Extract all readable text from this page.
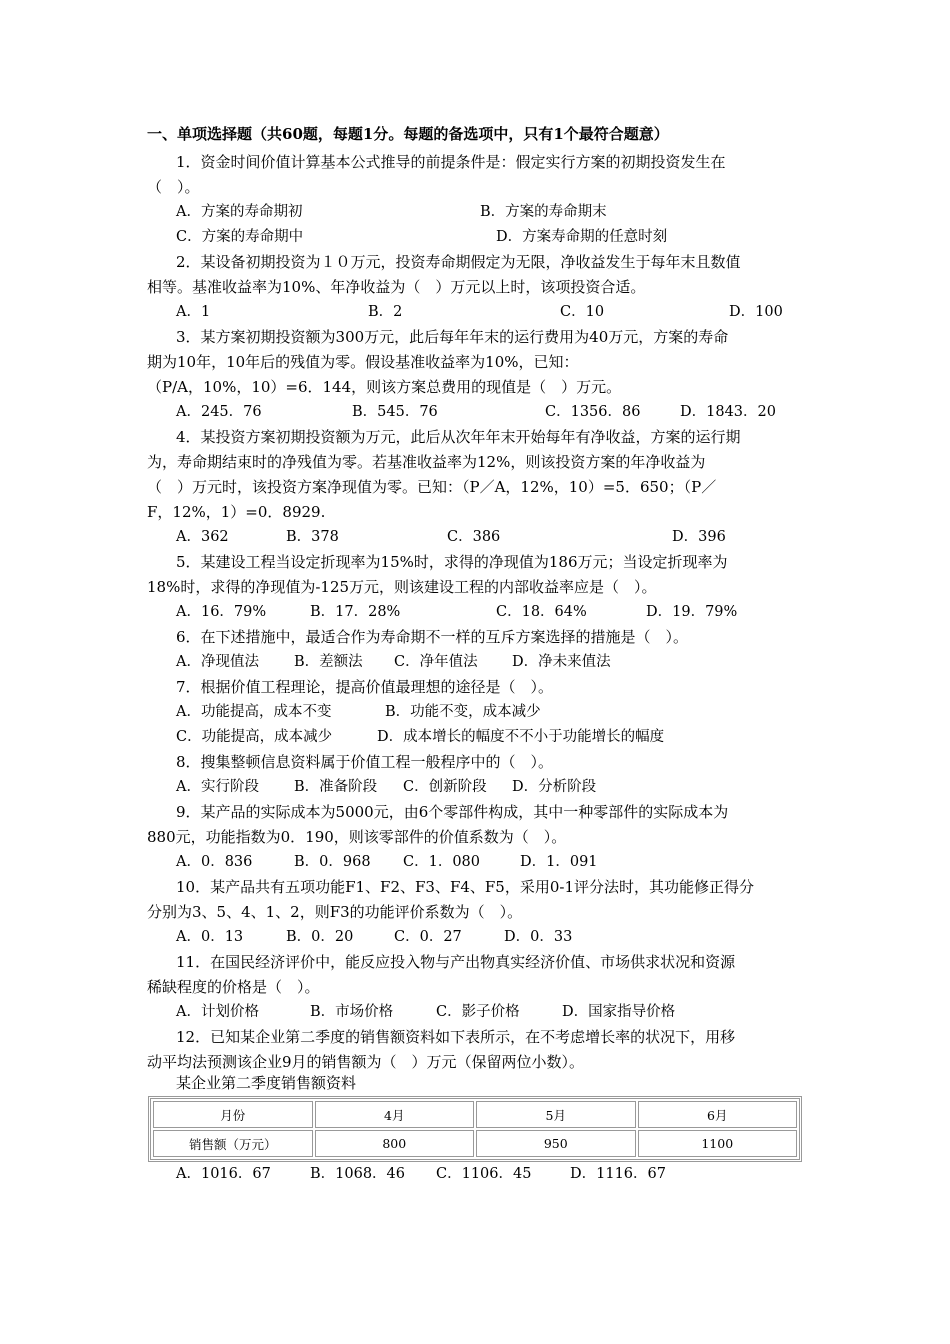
一、单项选择题（共60题，每题1分。每题的备选项中，只有1个最符合题意）
1．资金时间价值计算基本公式推导的前提条件是：假定实行方案的初期投资发生在
（　）。
A．方案的寿命期初	B．方案的寿命期末
C．方案的寿命期中	D．方案寿命期的任意时刻
2．某设备初期投资为１０万元，投资寿命期假定为无限，净收益发生于每年末且数值
相等。基准收益率为10%、年净收益为（　）万元以上时，该项投资合适。
A．1	B．2	C．10	D．100
3．某方案初期投资额为300万元，此后每年年末的运行费用为40万元，方案的寿命
期为10年，10年后的残值为零。假设基准收益率为10%，已知：
（P/A，10%，10）=6．144，则该方案总费用的现值是（　）万元。
A．245．76	B．545．76	C．1356．86	D．1843．20
4．某投资方案初期投资额为万元，此后从次年年末开始每年有净收益，方案的运行期
为，寿命期结束时的净残值为零。若基准收益率为12%，则该投资方案的年净收益为
（　）万元时，该投资方案净现值为零。已知：（P／A，12%，10）=5．650；（P／
F，12%，1）=0．8929.
A．362	B．378	C．386	D．396
5．某建设工程当设定折现率为15%时，求得的净现值为186万元；当设定折现率为
18%时，求得的净现值为-125万元，则该建设工程的内部收益率应是（　）。
A．16．79%	B．17．28%	C．18．64%	D．19．79%
6．在下述措施中，最适合作为寿命期不一样的互斥方案选择的措施是（　）。
A．净现值法 B．差额法 C．净年值法 D．净未来值法
7．根据价值工程理论，提高价值最理想的途径是（　）。
A．功能提高，成本不变	B．功能不变，成本减少
C．功能提高，成本减少	D．成本增长的幅度不不小于功能增长的幅度
8．搜集整顿信息资料属于价值工程一般程序中的（　）。
A．实行阶段 B．准备阶段 C．创新阶段 D．分析阶段
9．某产品的实际成本为5000元，由6个零部件构成，其中一种零部件的实际成本为
880元，功能指数为0．190，则该零部件的价值系数为（　）。
A．0．836	B．0．968 C．1．080	D．1．091
10．某产品共有五项功能F1、F2、F3、F4、F5，采用0-1评分法时，其功能修正得分
分别为3、5、4、1、2，则F3的功能评价系数为（　）。
A．0．13	B．0．20	C．0．27	D．0．33
11．在国民经济评价中，能反应投入物与产出物真实经济价值、市场供求状况和资源
稀缺程度的价格是（　）。
A．计划价格	B．市场价格	C．影子价格	D．国家指导价格
12．已知某企业第二季度的销售额资料如下表所示，在不考虑增长率的状况下，用移
动平均法预测该企业9月的销售额为（　）万元（保留两位小数）。
某企业第二季度销售额资料
月份	4月	5月	6月
销售额（万元）	800	950	1100
A．1016．67	B．1068．46 C．1106．45	D．1116．67
